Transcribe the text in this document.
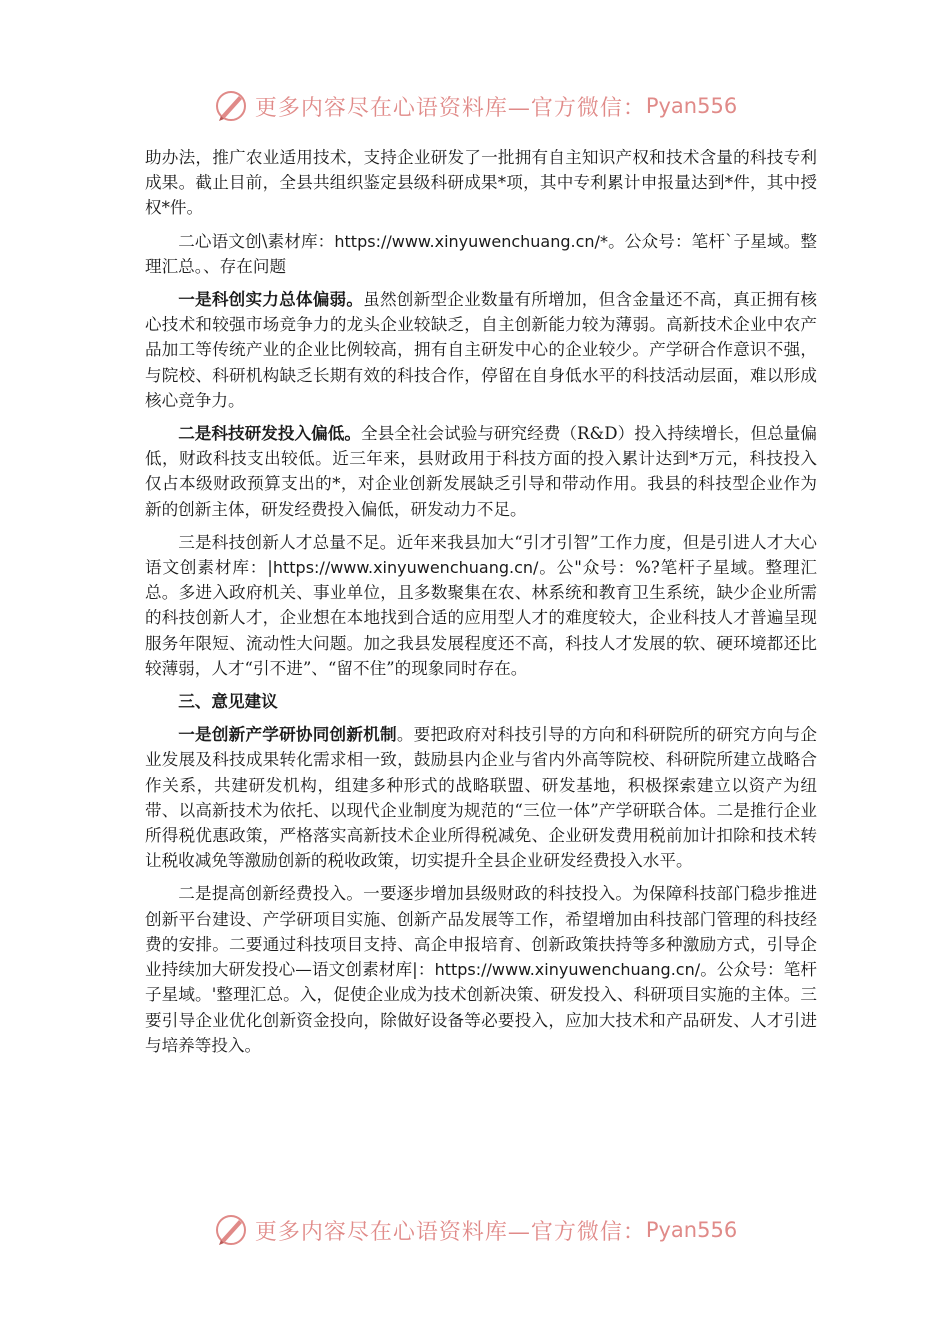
更多内容尽在心语资料库—官方微信： Pyan556

助办法，推广农业适用技术，支持企业研发了一批拥有自主知识产权和技术含量的科技专利成果。截止目前，全县共组织鉴定县级科研成果*项，其中专利累计申报量达到*件，其中授权*件。

二心语文创\素材库：https://www.xinyuwenchuang.cn/*。公众号：笔杆`子星域。整理汇总。、存在问题

一是科创实力总体偏弱。虽然创新型企业数量有所增加，但含金量还不高，真正拥有核心技术和较强市场竞争力的龙头企业较缺乏，自主创新能力较为薄弱。高新技术企业中农产品加工等传统产业的企业比例较高，拥有自主研发中心的企业较少。产学研合作意识不强，与院校、科研机构缺乏长期有效的科技合作，停留在自身低水平的科技活动层面，难以形成核心竞争力。

二是科技研发投入偏低。全县全社会试验与研究经费（R&D）投入持续增长，但总量偏低，财政科技支出较低。近三年来，县财政用于科技方面的投入累计达到*万元，科技投入仅占本级财政预算支出的*，对企业创新发展缺乏引导和带动作用。我县的科技型企业作为新的创新主体，研发经费投入偏低，研发动力不足。

三是科技创新人才总量不足。近年来我县加大“引才引智”工作力度，但是引进人才大心语文创素材库：|https://www.xinyuwenchuang.cn/。公"众号：%?笔杆子星域。整理汇总。多进入政府机关、事业单位，且多数聚集在农、林系统和教育卫生系统，缺少企业所需的科技创新人才，企业想在本地找到合适的应用型人才的难度较大，企业科技人才普遍呈现服务年限短、流动性大问题。加之我县发展程度还不高，科技人才发展的软、硬环境都还比较薄弱，人才“引不进”、“留不住”的现象同时存在。

三、意见建议

一是创新产学研协同创新机制。要把政府对科技引导的方向和科研院所的研究方向与企业发展及科技成果转化需求相一致，鼓励县内企业与省内外高等院校、科研院所建立战略合作关系，共建研发机构，组建多种形式的战略联盟、研发基地，积极探索建立以资产为纽带、以高新技术为依托、以现代企业制度为规范的“三位一体”产学研联合体。二是推行企业所得税优惠政策，严格落实高新技术企业所得税减免、企业研发费用税前加计扣除和技术转让税收减免等激励创新的税收政策，切实提升全县企业研发经费投入水平。

二是提高创新经费投入。一要逐步增加县级财政的科技投入。为保障科技部门稳步推进创新平台建设、产学研项目实施、创新产品发展等工作，希望增加由科技部门管理的科技经费的安排。二要通过科技项目支持、高企申报培育、创新政策扶持等多种激励方式，引导企业持续加大研发投心—语文创素材库|：https://www.xinyuwenchuang.cn/。公众号：笔杆子星域。'整理汇总。入，促使企业成为技术创新决策、研发投入、科研项目实施的主体。三要引导企业优化创新资金投向，除做好设备等必要投入，应加大技术和产品研发、人才引进与培养等投入。

更多内容尽在心语资料库—官方微信： Pyan556
